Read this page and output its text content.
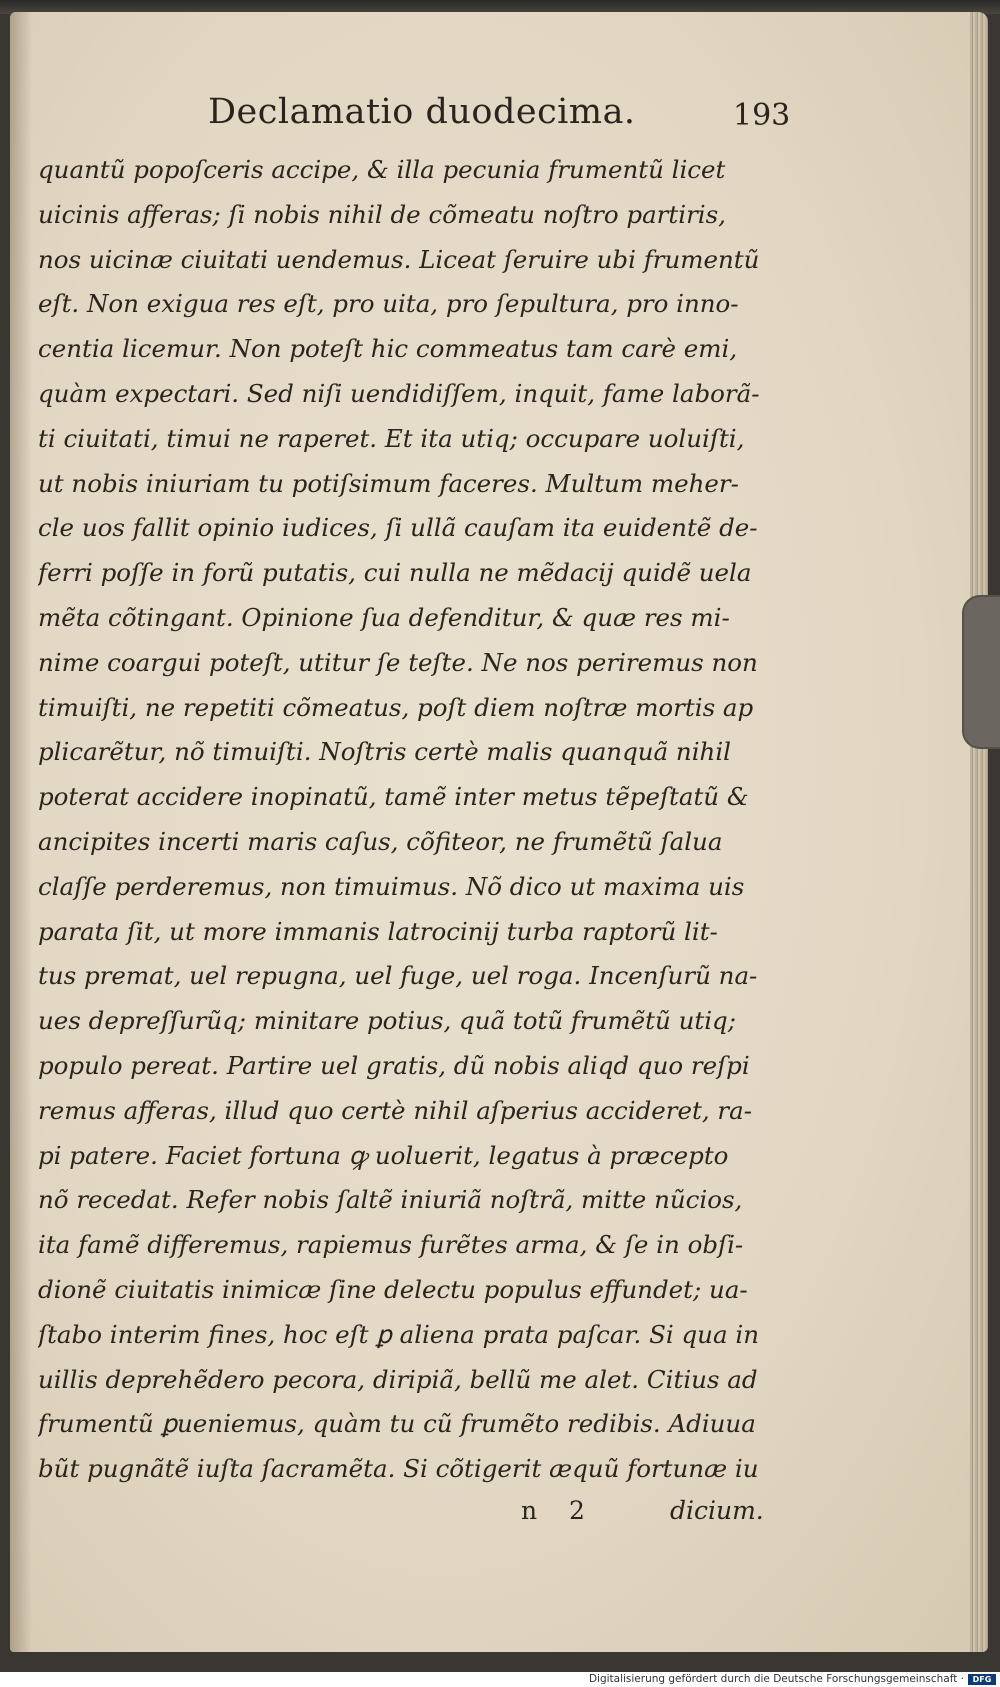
Declamatio duodecima.	193
quantũ popoſceris accipe, & illa pecunia frumentũ licet
uicinis afferas; ſi nobis nihil de cõmeatu noſtro partiris,
nos uicinæ ciuitati uendemus. Liceat ſeruire ubi frumentũ
eſt. Non exigua res eſt, pro uita, pro ſepultura, pro inno-
centia licemur. Non poteſt hic commeatus tam carè emi,
quàm expectari. Sed niſi uendidiſſem, inquit, fame laborã-
ti ciuitati, timui ne raperet. Et ita utiq; occupare uoluiſti,
ut nobis iniuriam tu potiſsimum faceres. Multum meher-
cle uos fallit opinio iudices, ſi ullã cauſam ita euidentẽ de-
ferri poſſe in forũ putatis, cui nulla ne mẽdacij quidẽ uela
mẽta cõtingant. Opinione ſua defenditur, & quæ res mi-
nime coargui poteſt, utitur ſe teſte. Ne nos periremus non
timuiſti, ne repetiti cõmeatus, poſt diem noſtræ mortis ap
plicarẽtur, nõ timuiſti. Noſtris certè malis quanquã nihil
poterat accidere inopinatũ, tamẽ inter metus tẽpeſtatũ &
ancipites incerti maris caſus, cõfiteor, ne frumẽtũ ſalua
claſſe perderemus, non timuimus. Nõ dico ut maxima uis
parata ſit, ut more immanis latrocinij turba raptorũ lit-
tus premat, uel repugna, uel fuge, uel roga. Incenſurũ na-
ues depreſſurũq; minitare potius, quã totũ frumẽtũ utiq;
populo pereat. Partire uel gratis, dũ nobis aliqd quo reſpi
remus afferas, illud quo certè nihil aſperius accideret, ra-
pi patere. Faciet fortuna ꝙ uoluerit, legatus à præcepto
nõ recedat. Refer nobis ſaltẽ iniuriã noſtrã, mitte nũcios,
ita famẽ differemus, rapiemus furẽtes arma, & ſe in obſi-
dionẽ ciuitatis inimicæ ſine delectu populus effundet; ua-
ſtabo interim fines, hoc eſt ꝑ aliena prata paſcar. Si qua in
uillis deprehẽdero pecora, diripiã, bellũ me alet. Citius ad
frumentũ ꝑueniemus, quàm tu cũ frumẽto redibis. Adiuua
bũt pugnãtẽ iuſta ſacramẽta. Si cõtigerit æquũ fortunæ iu
n 2	dicium.
Digitalisierung gefördert durch die Deutsche Forschungsgemeinschaft ·	DFG
